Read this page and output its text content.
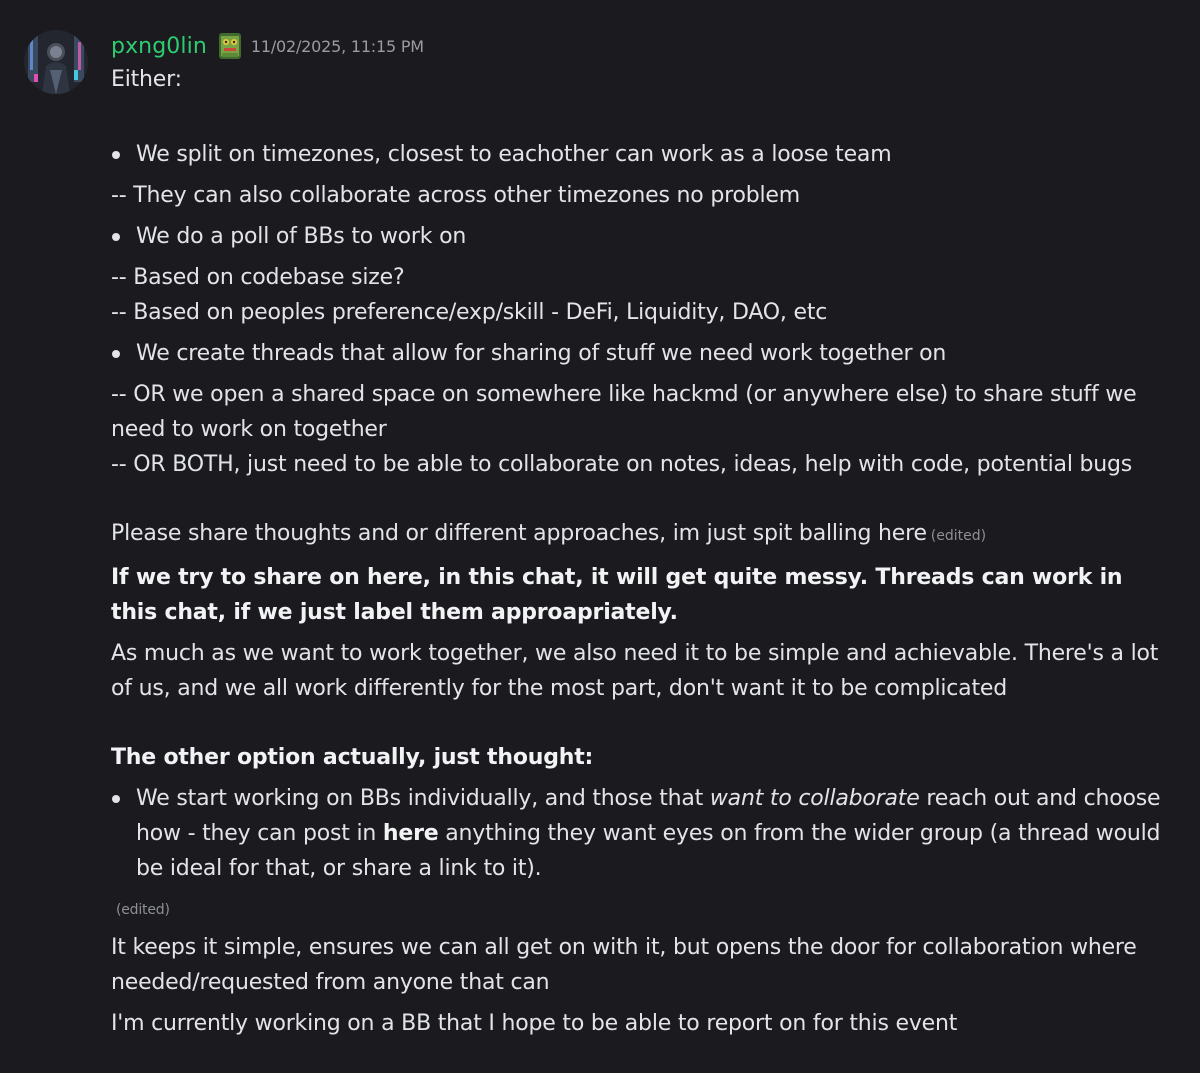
pxng0lin	11/02/2025, 11:15 PM

Either:

We split on timezones, closest to eachother can work as a loose team

-- They can also collaborate across other timezones no problem

We do a poll of BBs to work on

-- Based on codebase size?

-- Based on peoples preference/exp/skill - DeFi, Liquidity, DAO, etc

We create threads that allow for sharing of stuff we need work together on

-- OR we open a shared space on somewhere like hackmd (or anywhere else) to share stuff we need to work on together

-- OR BOTH, just need to be able to collaborate on notes, ideas, help with code, potential bugs

Please share thoughts and or different approaches, im just spit balling here (edited)

If we try to share on here, in this chat, it will get quite messy. Threads can work in this chat, if we just label them approapriately.

As much as we want to work together, we also need it to be simple and achievable. There's a lot of us, and we all work differently for the most part, don't want it to be complicated

The other option actually, just thought:

We start working on BBs individually, and those that want to collaborate reach out and choose how - they can post in here anything they want eyes on from the wider group (a thread would be ideal for that, or share a link to it).
(edited)

It keeps it simple, ensures we can all get on with it, but opens the door for collaboration where needed/requested from anyone that can

I'm currently working on a BB that I hope to be able to report on for this event
